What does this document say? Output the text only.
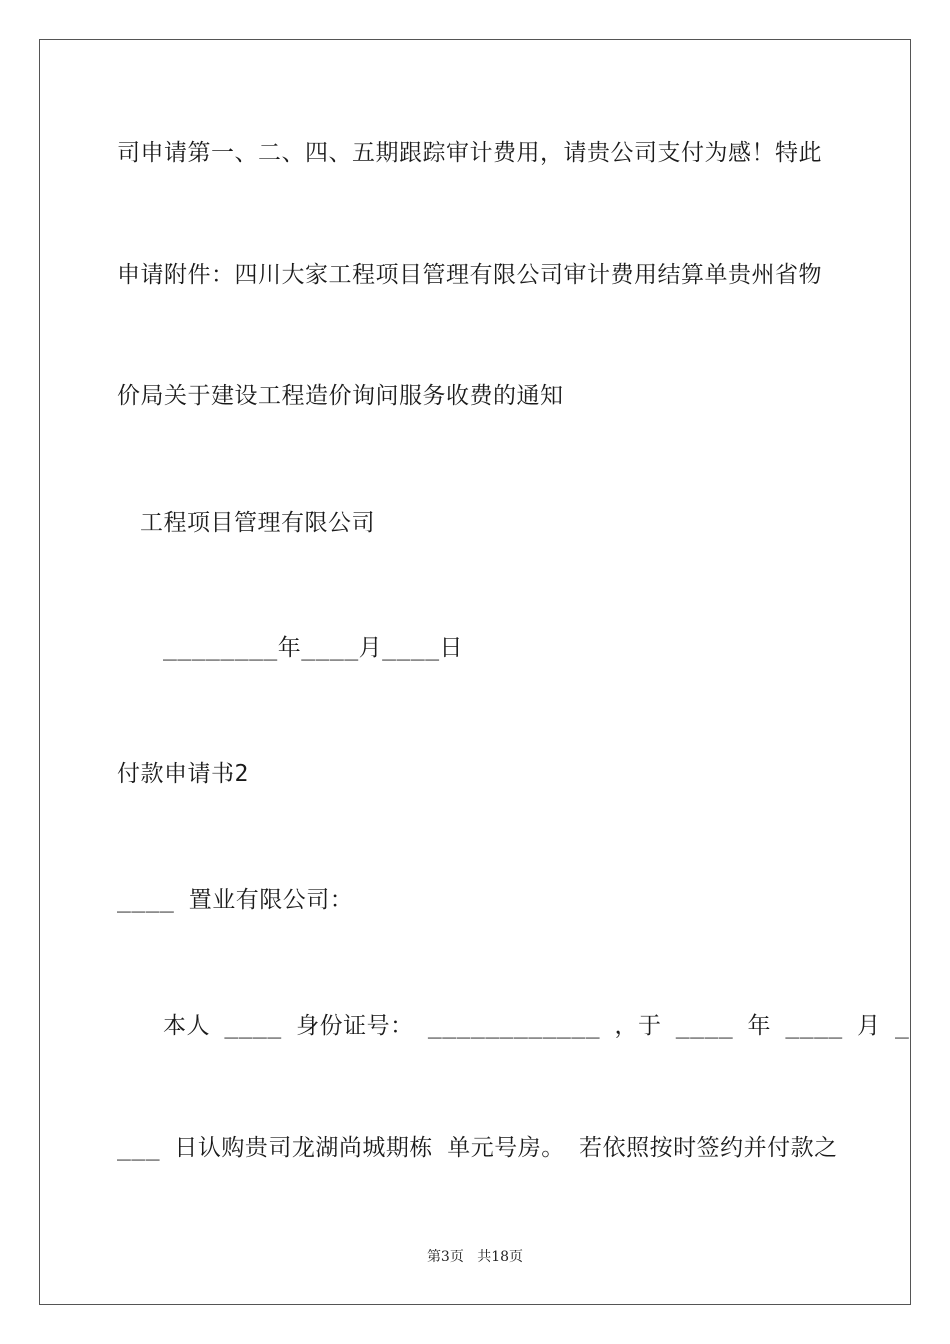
司申请第一、二、四、五期跟踪审计费用，请贵公司支付为感！特此
申请附件：四川大家工程项目管理有限公司审计费用结算单贵州省物
价局关于建设工程造价询问服务收费的通知
工程项目管理有限公司
________年____月____日
付款申请书2
____ 置业有限公司：
本人 ____ 身份证号： ____________ ，于 ____ 年 ____ 月 _
___ 日认购贵司龙湖尚城期栋 单元号房。 若依照按时签约并付款之
第3页 共18页
